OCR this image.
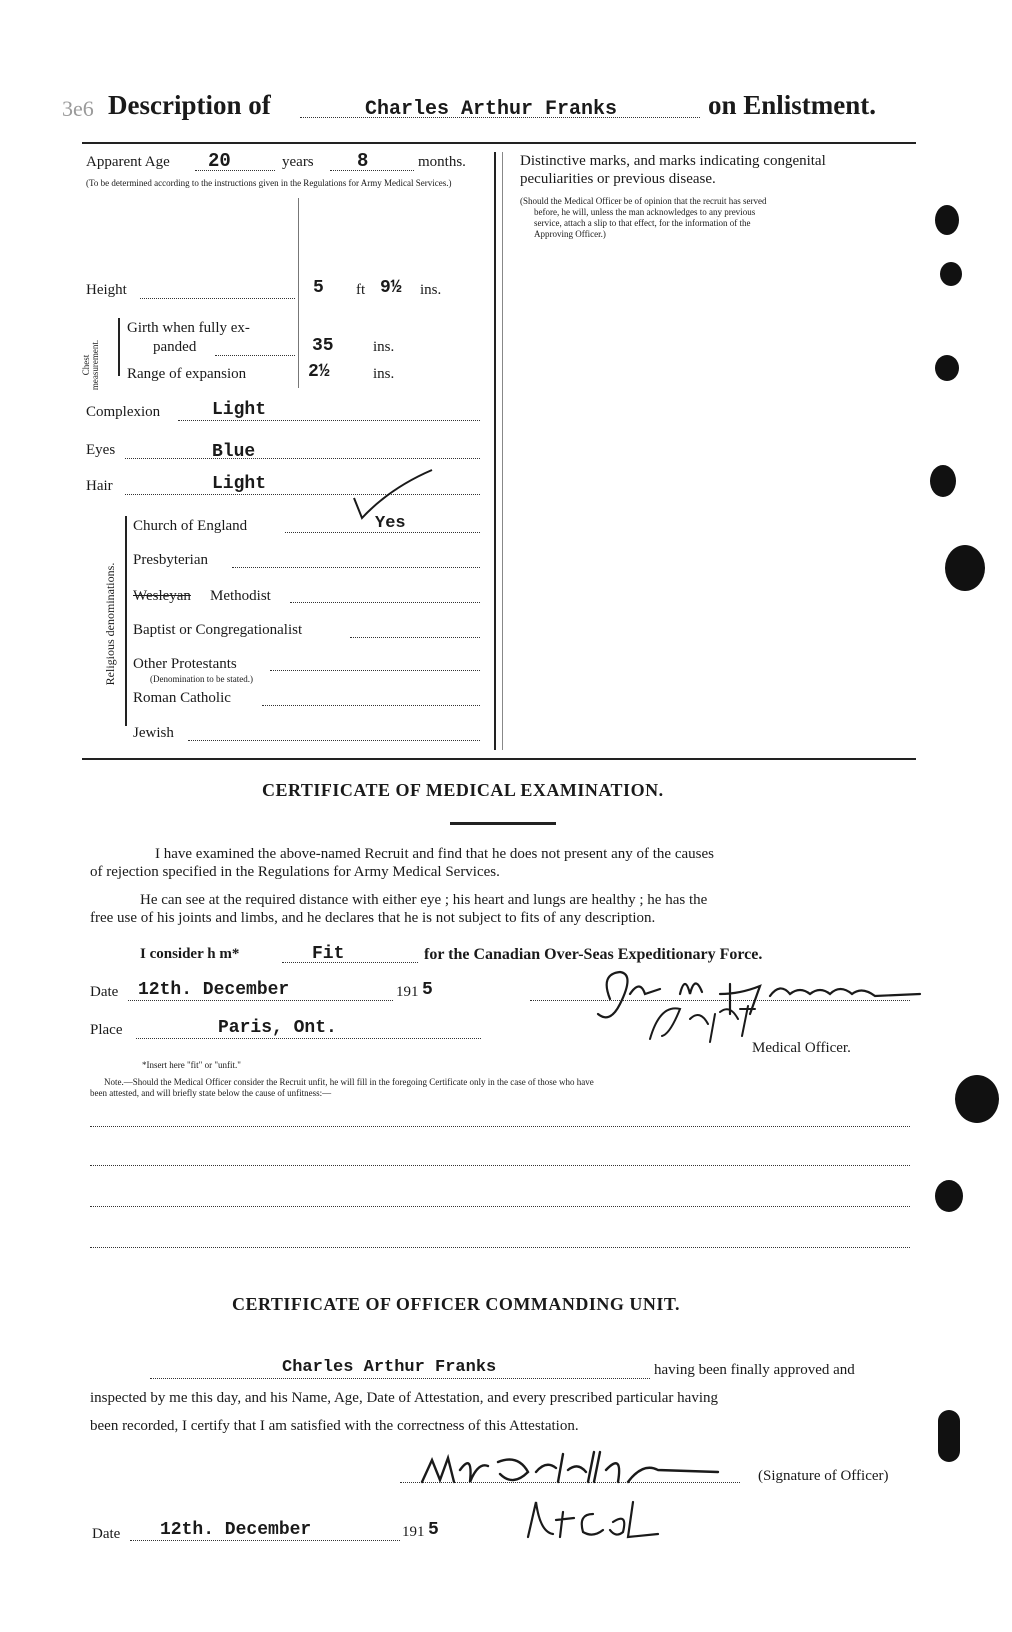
3e6 Description of	Charles Arthur Franks	on Enlistment.
Apparent Age 20	years 8	months.
(To be determined according to the instructions given in the Regulations for Army Medical Services.)
Height	5 ft 9½ ins.
Chest measurement.
Girth when fully ex-
panded	35	ins.
Range of expansion	2½	ins.
Complexion	Light
Eyes	Blue
Hair	Light
Religious denominations.
Church of England	Yes
Presbyterian
Wesleyan Methodist
Baptist or Congregationalist
Other Protestants
(Denomination to be stated.)
Roman Catholic
Jewish
Distinctive marks, and marks indicating congenital
peculiarities or previous disease.
(Should the Medical Officer be of opinion that the recruit has served
before, he will, unless the man acknowledges to any previous
service, attach a slip to that effect, for the information of the
Approving Officer.)
CERTIFICATE OF MEDICAL EXAMINATION.
I have examined the above-named Recruit and find that he does not present any of the causes
of rejection specified in the Regulations for Army Medical Services.
He can see at the required distance with either eye ; his heart and lungs are healthy ; he has the
free use of his joints and limbs, and he declares that he is not subject to fits of any description.
I consider h m*	Fit	for the Canadian Over-Seas Expeditionary Force.
Date 12th. December	191 5
Place	Paris, Ont.
Medical Officer.
*Insert here "fit" or "unfit."
Note.—Should the Medical Officer consider the Recruit unfit, he will fill in the foregoing Certificate only in the case of those who have
been attested, and will briefly state below the cause of unfitness:—
CERTIFICATE OF OFFICER COMMANDING UNIT.
Charles Arthur Franks	having been finally approved and
inspected by me this day, and his Name, Age, Date of Attestation, and every prescribed particular having
been recorded, I certify that I am satisfied with the correctness of this Attestation.
(Signature of Officer)
Date 12th. December	191 5
